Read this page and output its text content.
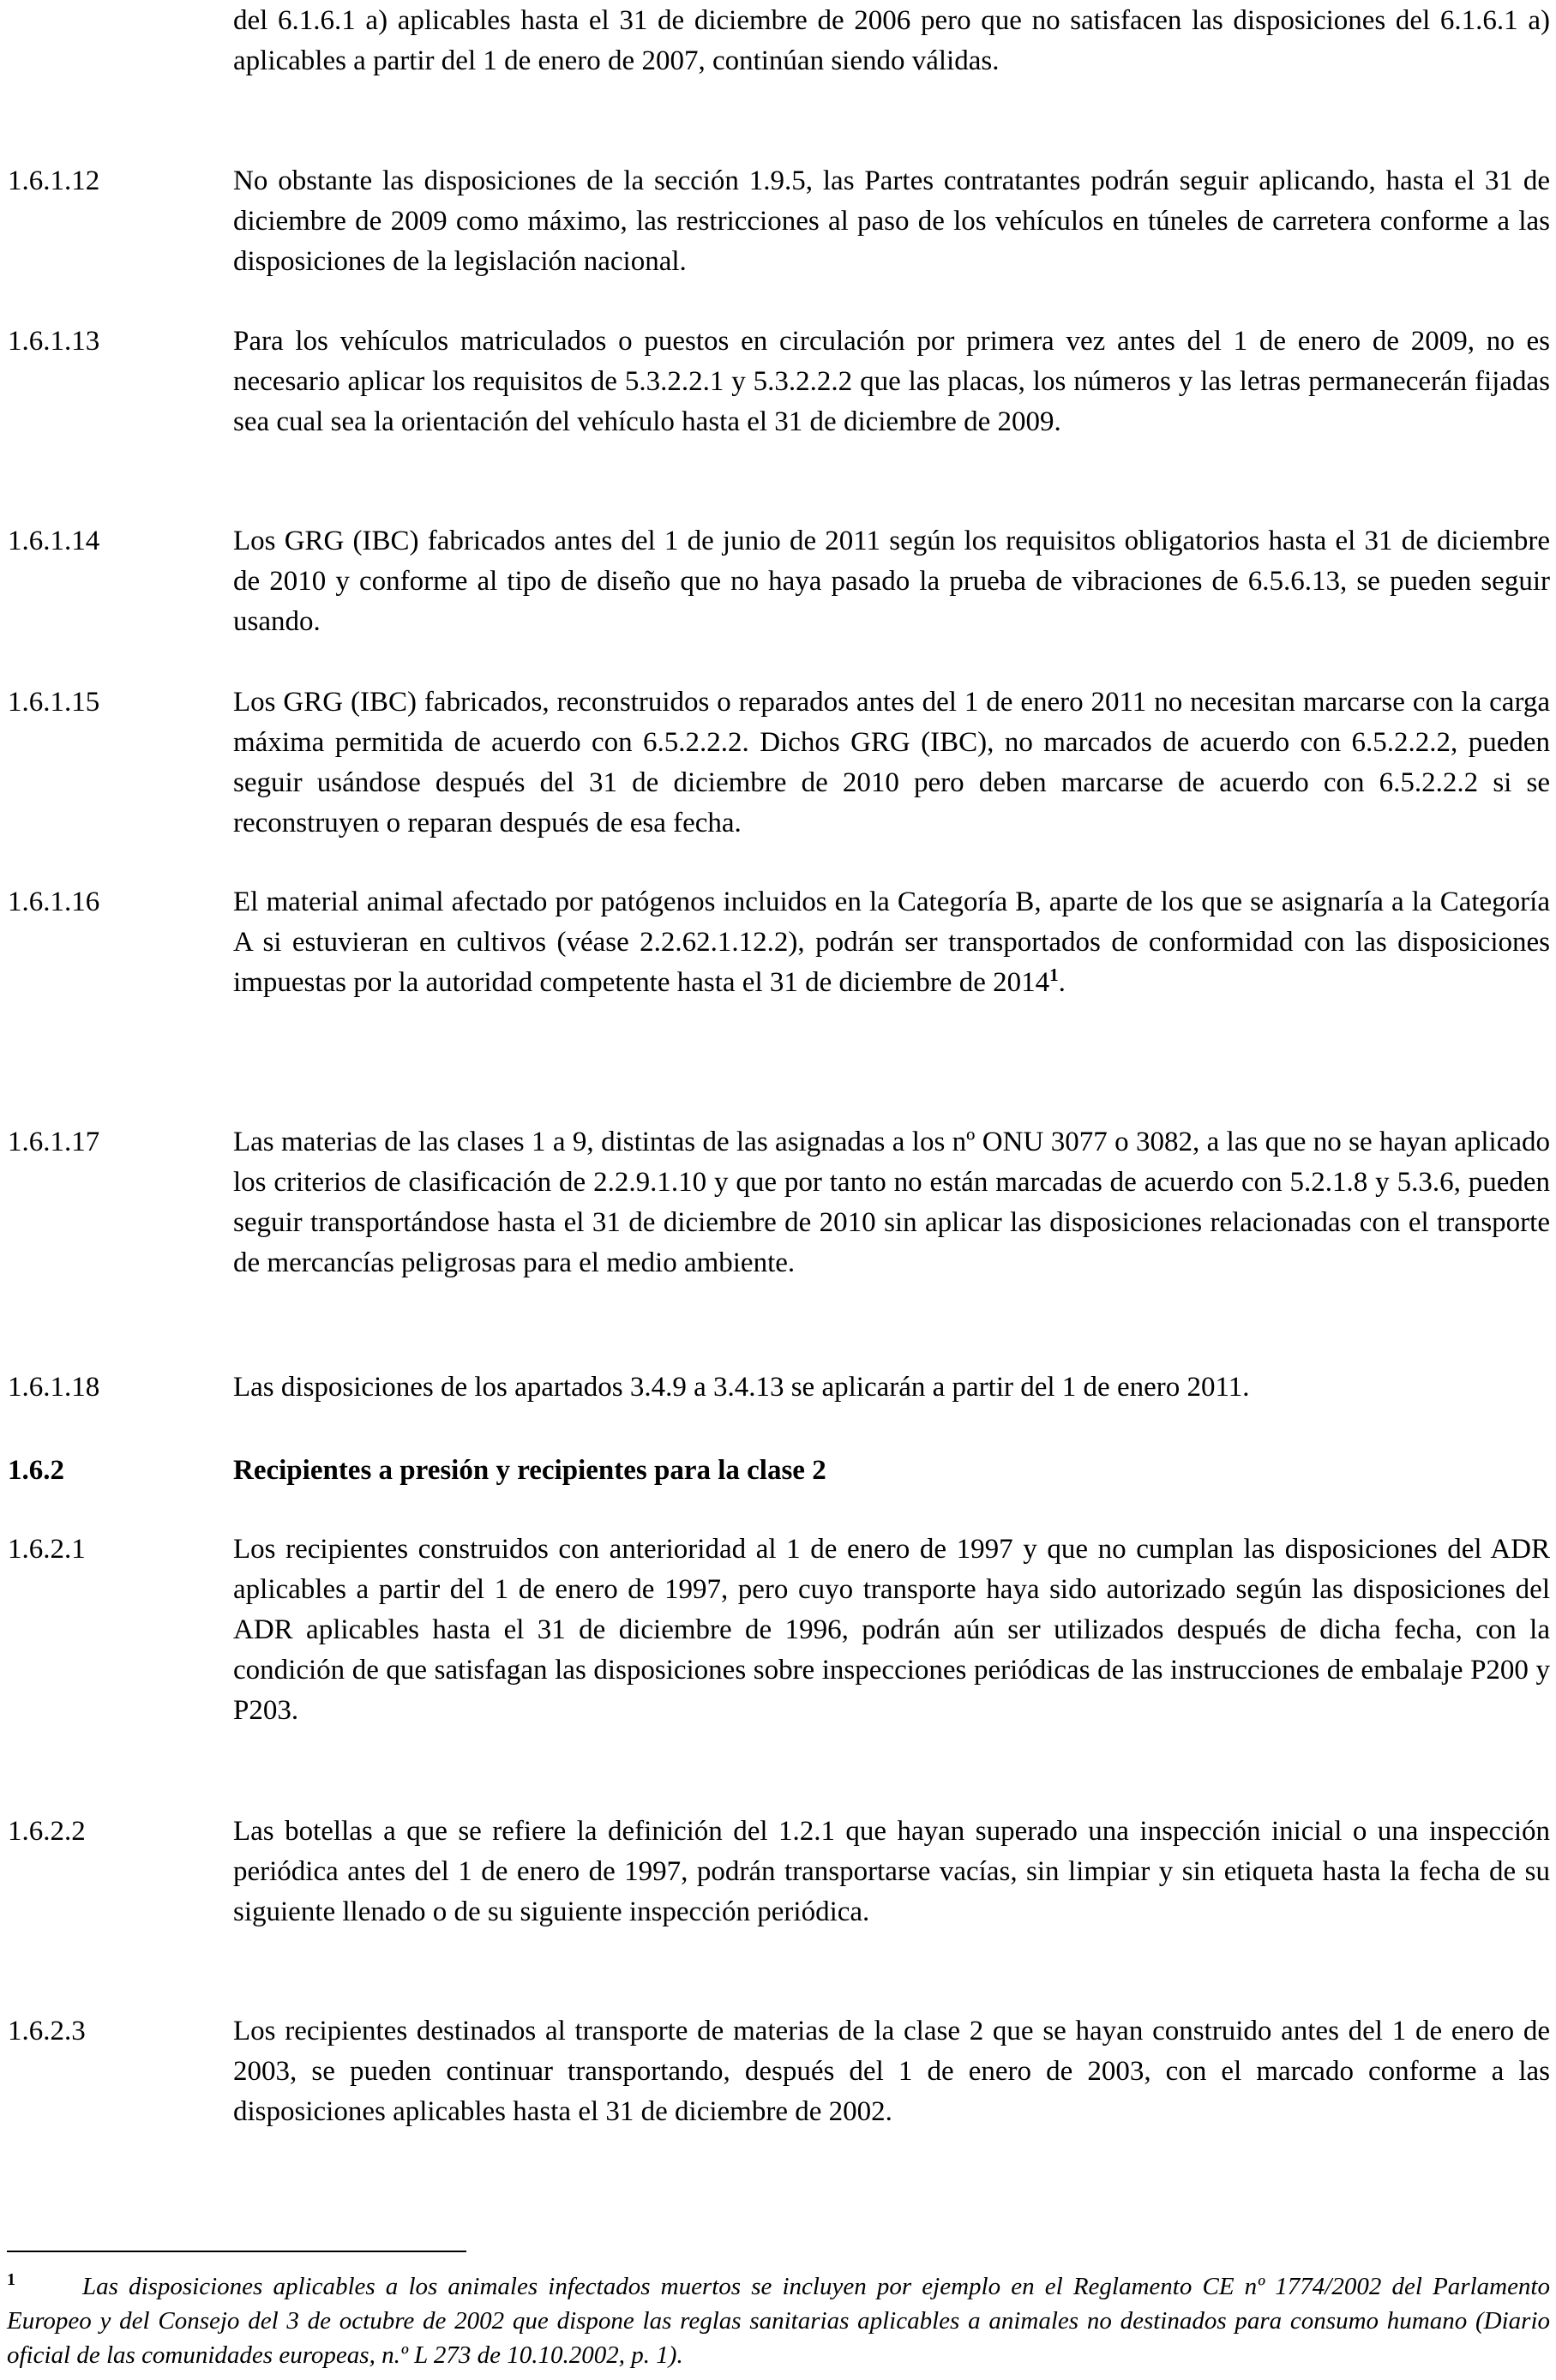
del 6.1.6.1 a) aplicables hasta el 31 de diciembre de 2006 pero que no satisfacen las disposiciones del 6.1.6.1 a) aplicables a partir del 1 de enero de 2007, continúan siendo válidas.
1.6.1.12	No obstante las disposiciones de la sección 1.9.5, las Partes contratantes podrán seguir aplicando, hasta el 31 de diciembre de 2009 como máximo, las restricciones al paso de los vehículos en túneles de carretera conforme a las disposiciones de la legislación nacional.
1.6.1.13	Para los vehículos matriculados o puestos en circulación por primera vez antes del 1 de enero de 2009, no es necesario aplicar los requisitos de 5.3.2.2.1 y 5.3.2.2.2 que las placas, los números y las letras permanecerán fijadas sea cual sea la orientación del vehículo hasta el 31 de diciembre de 2009.
1.6.1.14	Los GRG (IBC) fabricados antes del 1 de junio de 2011 según los requisitos obligatorios hasta el 31 de diciembre de 2010 y conforme al tipo de diseño que no haya pasado la prueba de vibraciones de 6.5.6.13, se pueden seguir usando.
1.6.1.15	Los GRG (IBC) fabricados, reconstruidos o reparados antes del 1 de enero 2011 no necesitan marcarse con la carga máxima permitida de acuerdo con 6.5.2.2.2. Dichos GRG (IBC), no marcados de acuerdo con 6.5.2.2.2, pueden seguir usándose después del 31 de diciembre de 2010 pero deben marcarse de acuerdo con 6.5.2.2.2 si se reconstruyen o reparan después de esa fecha.
1.6.1.16	El material animal afectado por patógenos incluidos en la Categoría B, aparte de los que se asignaría a la Categoría A si estuvieran en cultivos (véase 2.2.62.1.12.2), podrán ser transportados de conformidad con las disposiciones impuestas por la autoridad competente hasta el 31 de diciembre de 2014$^1$.
1.6.1.17	Las materias de las clases 1 a 9, distintas de las asignadas a los nº ONU 3077 o 3082, a las que no se hayan aplicado los criterios de clasificación de 2.2.9.1.10 y que por tanto no están marcadas de acuerdo con 5.2.1.8 y 5.3.6, pueden seguir transportándose hasta el 31 de diciembre de 2010 sin aplicar las disposiciones relacionadas con el transporte de mercancías peligrosas para el medio ambiente.
1.6.1.18	Las disposiciones de los apartados 3.4.9 a 3.4.13 se aplicarán a partir del 1 de enero 2011.
1.6.2	Recipientes a presión y recipientes para la clase 2
1.6.2.1	Los recipientes construidos con anterioridad al 1 de enero de 1997 y que no cumplan las disposiciones del ADR aplicables a partir del 1 de enero de 1997, pero cuyo transporte haya sido autorizado según las disposiciones del ADR aplicables hasta el 31 de diciembre de 1996, podrán aún ser utilizados después de dicha fecha, con la condición de que satisfagan las disposiciones sobre inspecciones periódicas de las instrucciones de embalaje P200 y P203.
1.6.2.2	Las botellas a que se refiere la definición del 1.2.1 que hayan superado una inspección inicial o una inspección periódica antes del 1 de enero de 1997, podrán transportarse vacías, sin limpiar y sin etiqueta hasta la fecha de su siguiente llenado o de su siguiente inspección periódica.
1.6.2.3	Los recipientes destinados al transporte de materias de la clase 2 que se hayan construido antes del 1 de enero de 2003, se pueden continuar transportando, después del 1 de enero de 2003, con el marcado conforme a las disposiciones aplicables hasta el 31 de diciembre de 2002.
$^1$	Las disposiciones aplicables a los animales infectados muertos se incluyen por ejemplo en el Reglamento CE nº 1774/2002 del Parlamento Europeo y del Consejo del 3 de octubre de 2002 que dispone las reglas sanitarias aplicables a animales no destinados para consumo humano (Diario oficial de las comunidades europeas, n.º L 273 de 10.10.2002, p. 1).
